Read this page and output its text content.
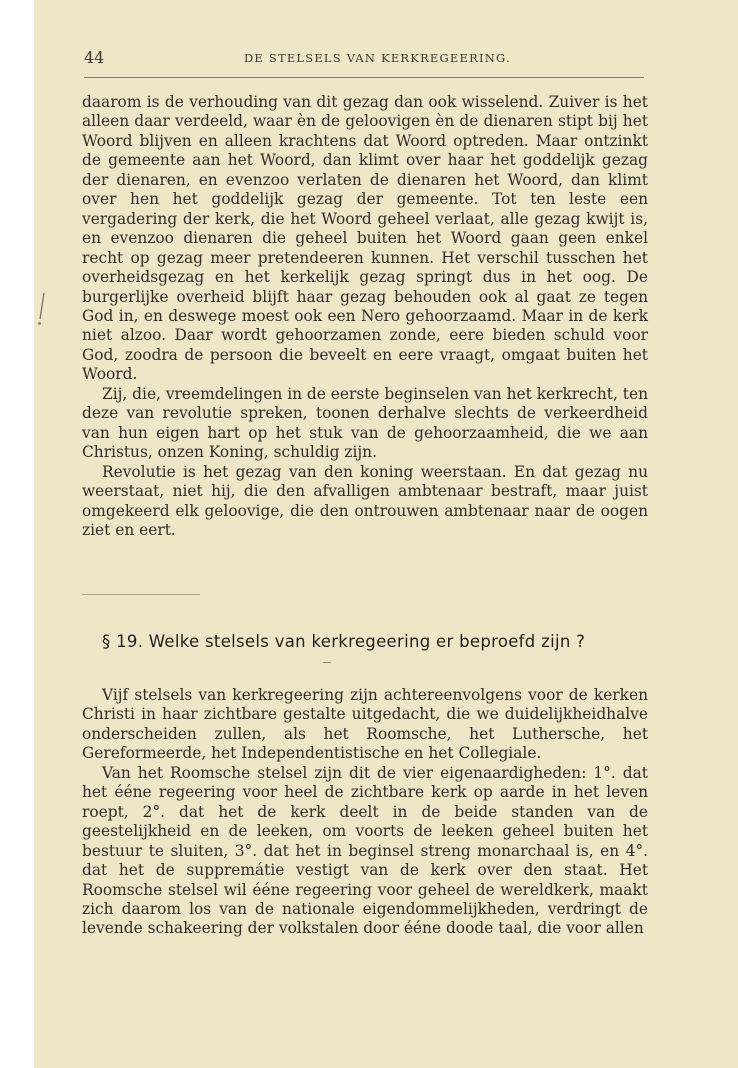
44	DE STELSELS VAN KERKREGEERING.

daarom is de verhouding van dit gezag dan ook wisselend. Zuiver is het alleen daar verdeeld, waar èn de geloovigen èn de dienaren stipt bij het Woord blijven en alleen krachtens dat Woord optreden. Maar ontzinkt de gemeente aan het Woord, dan klimt over haar het goddelijk gezag der dienaren, en evenzoo verlaten de dienaren het Woord, dan klimt over hen het goddelijk gezag der gemeente. Tot ten leste een vergadering der kerk, die het Woord geheel verlaat, alle gezag kwijt is, en evenzoo dienaren die geheel buiten het Woord gaan geen enkel recht op gezag meer pretendeeren kunnen. Het verschil tusschen het overheidsgezag en het kerkelijk gezag springt dus in het oog. De burgerlijke overheid blijft haar gezag behouden ook al gaat ze tegen God in, en deswege moest ook een Nero gehoorzaamd. Maar in de kerk niet alzoo. Daar wordt gehoorzamen zonde, eere bieden schuld voor God, zoodra de persoon die beveelt en eere vraagt, omgaat buiten het Woord.

Zij, die, vreemdelingen in de eerste beginselen van het kerkrecht, ten deze van revolutie spreken, toonen derhalve slechts de verkeerdheid van hun eigen hart op het stuk van de gehoorzaamheid, die we aan Christus, onzen Koning, schuldig zijn.

Revolutie is het gezag van den koning weerstaan. En dat gezag nu weerstaat, niet hij, die den afvalligen ambtenaar bestraft, maar juist omgekeerd elk geloovige, die den ontrouwen ambtenaar naar de oogen ziet en eert.

§ 19. Welke stelsels van kerkregeering er beproefd zijn ?

Vijf stelsels van kerkregeering zijn achtereenvolgens voor de kerken Christi in haar zichtbare gestalte uitgedacht, die we duidelijkheidhalve onderscheiden zullen, als het Roomsche, het Luthersche, het Gereformeerde, het Independentistische en het Collegiale.

Van het Roomsche stelsel zijn dit de vier eigenaardigheden: 1°. dat het ééne regeering voor heel de zichtbare kerk op aarde in het leven roept, 2°. dat het de kerk deelt in de beide standen van de geestelijkheid en de leeken, om voorts de leeken geheel buiten het bestuur te sluiten, 3°. dat het in beginsel streng monarchaal is, en 4°. dat het de suppremátie vestigt van de kerk over den staat. Het Roomsche stelsel wil ééne regeering voor geheel de wereldkerk, maakt zich daarom los van de nationale eigendommelijkheden, verdringt de levende schakeering der volkstalen door ééne doode taal, die voor allen
